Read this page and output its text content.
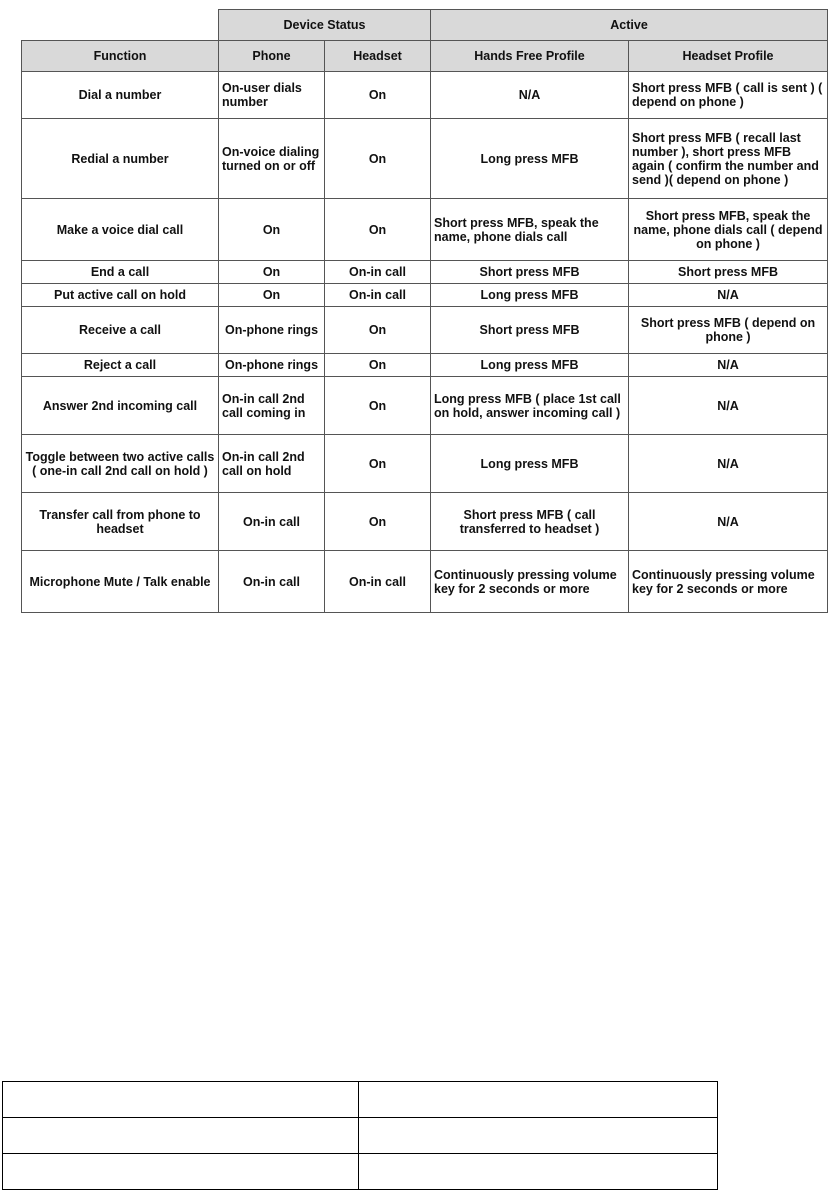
	Device Status		Active	
Function	Phone	Headset	Hands Free Profile	Headset Profile
Dial a number	On-user dials number	On	N/A	Short press MFB ( call is sent ) ( depend on phone )
Redial a number	On-voice dialing turned on or off	On	Long press MFB	Short press MFB ( recall last number ), short press MFB again ( confirm the number and send )( depend on phone )
Make a voice dial call	On	On	Short press MFB, speak the name, phone dials call	Short press MFB, speak the name, phone dials call ( depend on phone )
End a call	On	On-in call	Short press MFB	Short press MFB
Put active call on hold	On	On-in call	Long press MFB	N/A
Receive a call	On-phone rings	On	Short press MFB	Short press MFB ( depend on phone )
Reject a call	On-phone rings	On	Long press MFB	N/A
Answer 2nd incoming call	On-in call 2nd call coming in	On	Long press MFB ( place 1st call on hold, answer incoming call )	N/A
Toggle between two active calls ( one-in call 2nd call on hold )	On-in call 2nd call on hold	On	Long press MFB	N/A
Transfer call from phone to headset	On-in call	On	Short press MFB ( call transferred to headset )	N/A
Microphone Mute / Talk enable	On-in call	On-in call	Continuously pressing volume key for 2 seconds or more	Continuously pressing volume key for 2 seconds or more
